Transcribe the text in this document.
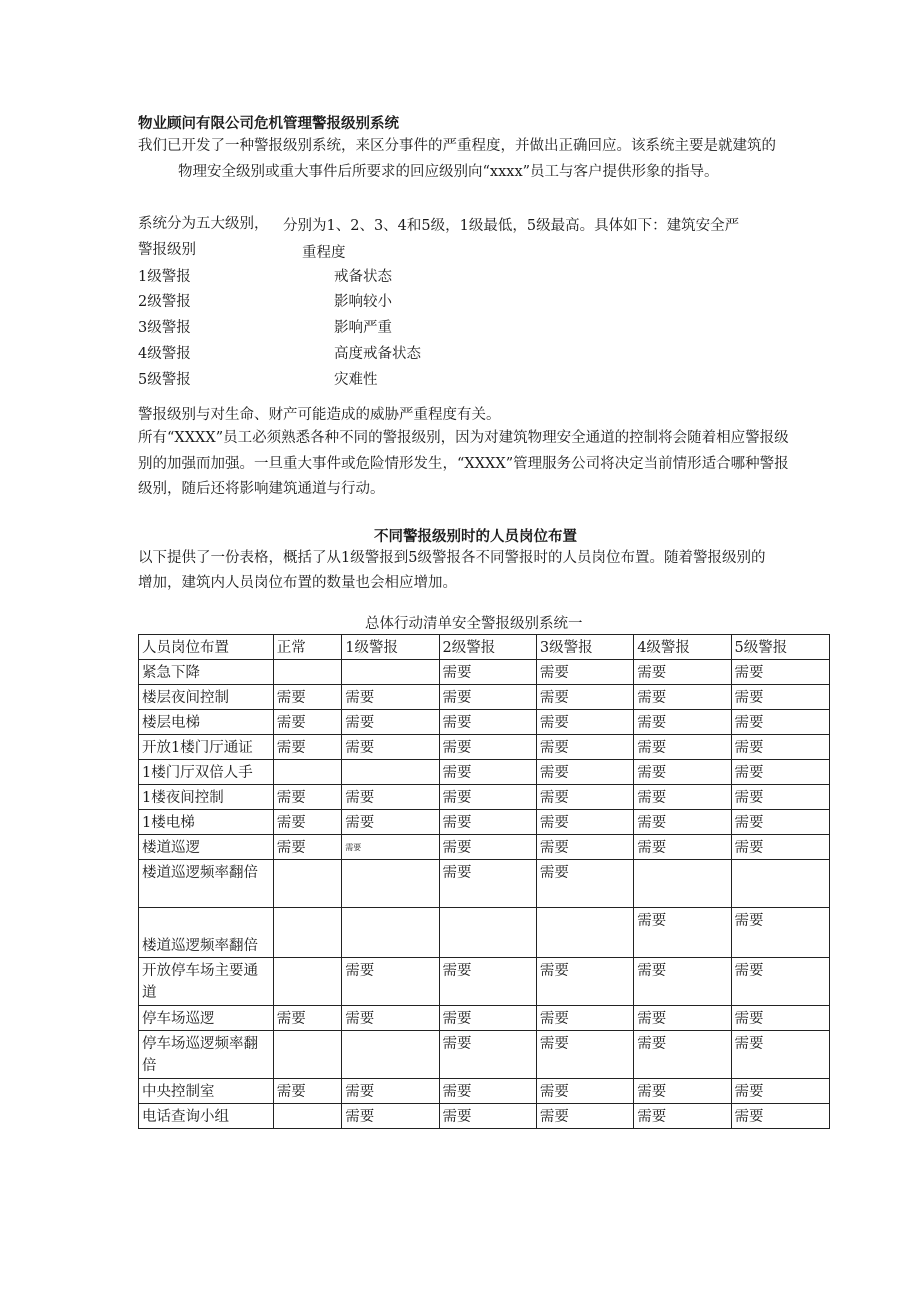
物业顾问有限公司危机管理警报级别系统
我们已开发了一种警报级别系统，来区分事件的严重程度，并做出正确回应。该系统主要是就建筑的
物理安全级别或重大事件后所要求的回应级别向“xxxx”员工与客户提供形象的指导。
系统分为五大级别， 分别为1、2、3、4和5级，1级最低，5级最高。具体如下：建筑安全严
警报级别	重程度
1级警报	戒备状态
2级警报	影响较小
3级警报	影响严重
4级警报	高度戒备状态
5级警报	灾难性
警报级别与对生命、财产可能造成的威胁严重程度有关。
所有“XXXX”员工必须熟悉各种不同的警报级别，因为对建筑物理安全通道的控制将会随着相应警报级
别的加强而加强。一旦重大事件或危险情形发生，“XXXX”管理服务公司将决定当前情形适合哪种警报
级别，随后还将影响建筑通道与行动。
不同警报级别时的人员岗位布置
以下提供了一份表格，概括了从1级警报到5级警报各不同警报时的人员岗位布置。随着警报级别的
增加，建筑内人员岗位布置的数量也会相应增加。
总体行动清单安全警报级别系统一
人员岗位布置	正常	1级警报	2级警报	3级警报	4级警报	5级警报
紧急下降			需要	需要	需要	需要
楼层夜间控制	需要	需要	需要	需要	需要	需要
楼层电梯	需要	需要	需要	需要	需要	需要
开放1楼门厅通证	需要	需要	需要	需要	需要	需要
1楼门厅双倍人手			需要	需要	需要	需要
1楼夜间控制	需要	需要	需要	需要	需要	需要
1楼电梯	需要	需要	需要	需要	需要	需要
楼道巡逻	需要	需要	需要	需要	需要	需要
楼道巡逻频率翻倍			需要	需要		
楼道巡逻频率翻倍					需要	需要
开放停车场主要通道		需要	需要	需要	需要	需要
停车场巡逻	需要	需要	需要	需要	需要	需要
停车场巡逻频率翻倍			需要	需要	需要	需要
中央控制室	需要	需要	需要	需要	需要	需要
电话查询小组		需要	需要	需要	需要	需要
